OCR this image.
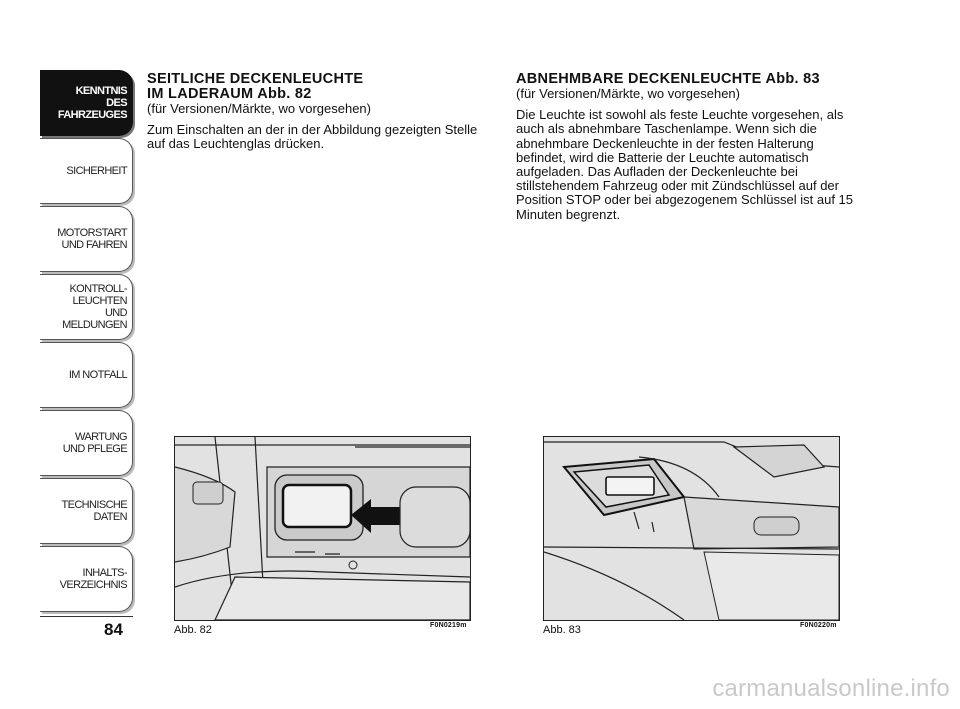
KENNTNIS
DES FAHRZEUGES
SICHERHEIT
MOTORSTART
UND FAHREN
KONTROLL-
LEUCHTEN
UND MELDUNGEN
IM NOTFALL
WARTUNG
UND PFLEGE
TECHNISCHE
DATEN
INHALTS-
VERZEICHNIS
84

SEITLICHE DECKENLEUCHTE

IM LADERAUM Abb. 82

(für Versionen/Märkte, wo vorgesehen)

Zum Einschalten an der in der Abbildung gezeigten Stelle auf das Leuchtenglas drücken.

ABNEHMBARE DECKENLEUCHTE Abb. 83

(für Versionen/Märkte, wo vorgesehen)

Die Leuchte ist sowohl als feste Leuchte vorgesehen, als auch als abnehmbare Taschenlampe. Wenn sich die abnehmbare Deckenleuchte in der festen Halterung befindet, wird die Batterie der Leuchte automatisch aufgeladen. Das Aufladen der Deckenleuchte bei stillstehendem Fahrzeug oder mit Zündschlüssel auf der Position STOP oder bei abgezogenem Schlüssel ist auf 15 Minuten begrenzt.

Abb. 82	F0N0219m	Abb. 83	F0N0220m
carmanualsonline.info
